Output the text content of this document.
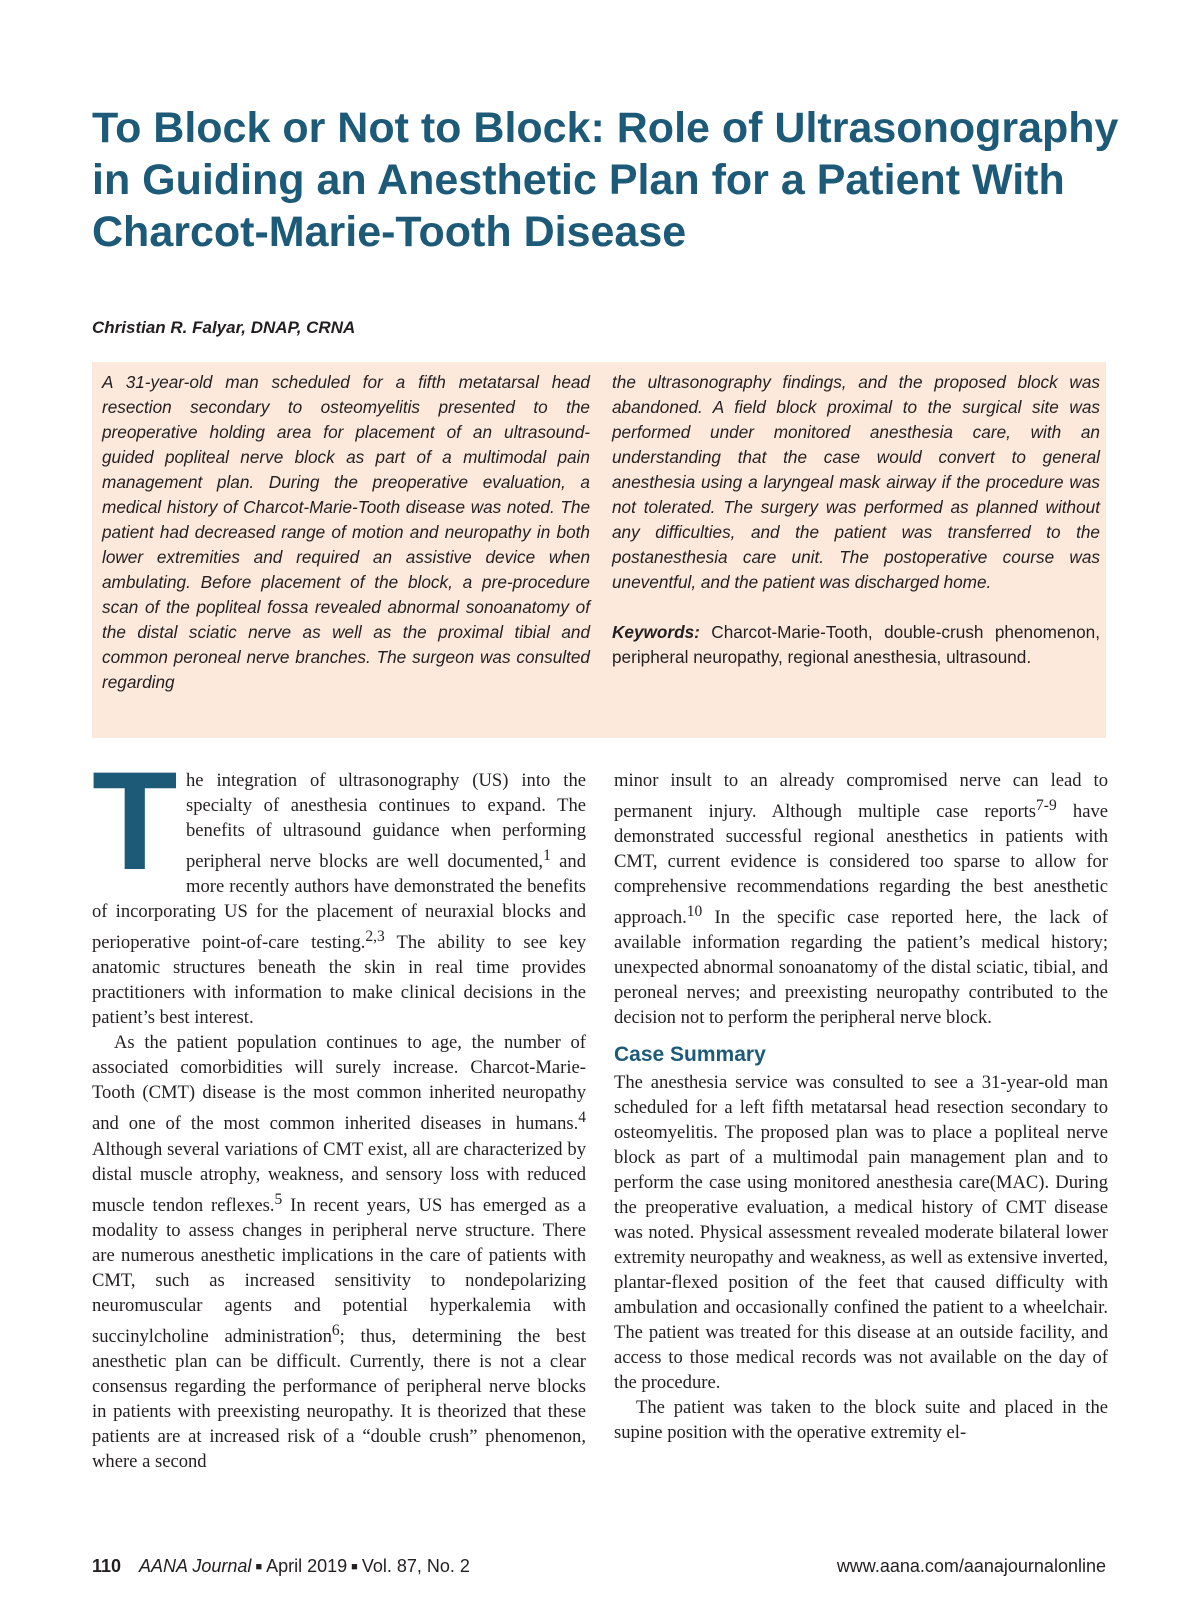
To Block or Not to Block: Role of Ultrasonography in Guiding an Anesthetic Plan for a Patient With Charcot-Marie-Tooth Disease
Christian R. Falyar, DNAP, CRNA
A 31-year-old man scheduled for a fifth metatarsal head resection secondary to osteomyelitis presented to the preoperative holding area for placement of an ultrasound-guided popliteal nerve block as part of a multimodal pain management plan. During the preoperative evaluation, a medical history of Charcot-Marie-Tooth disease was noted. The patient had decreased range of motion and neuropathy in both lower extremities and required an assistive device when ambulating. Before placement of the block, a pre-procedure scan of the popliteal fossa revealed abnormal sonoanatomy of the distal sciatic nerve as well as the proximal tibial and common peroneal nerve branches. The surgeon was consulted regarding
the ultrasonography findings, and the proposed block was abandoned. A field block proximal to the surgical site was performed under monitored anesthesia care, with an understanding that the case would convert to general anesthesia using a laryngeal mask airway if the procedure was not tolerated. The surgery was performed as planned without any difficulties, and the patient was transferred to the postanesthesia care unit. The postoperative course was uneventful, and the patient was discharged home.
Keywords: Charcot-Marie-Tooth, double-crush phenomenon, peripheral neuropathy, regional anesthesia, ultrasound.

The integration of ultrasonography (US) into the specialty of anesthesia continues to expand. The benefits of ultrasound guidance when performing peripheral nerve blocks are well documented,$^1$ and more recently authors have demonstrated the benefits of incorporating US for the placement of neuraxial blocks and perioperative point-of-care testing.$^{2,3}$ The ability to see key anatomic structures beneath the skin in real time provides practitioners with information to make clinical decisions in the patient’s best interest.

As the patient population continues to age, the number of associated comorbidities will surely increase. Charcot-Marie-Tooth (CMT) disease is the most common inherited neuropathy and one of the most common inherited diseases in humans.$^4$ Although several variations of CMT exist, all are characterized by distal muscle atrophy, weakness, and sensory loss with reduced muscle tendon reflexes.$^5$ In recent years, US has emerged as a modality to assess changes in peripheral nerve structure. There are numerous anesthetic implications in the care of patients with CMT, such as increased sensitivity to nondepolarizing neuromuscular agents and potential hyperkalemia with succinylcholine administration$^6$; thus, determining the best anesthetic plan can be difficult. Currently, there is not a clear consensus regarding the performance of peripheral nerve blocks in patients with preexisting neuropathy. It is theorized that these patients are at increased risk of a “double crush” phenomenon, where a second

minor insult to an already compromised nerve can lead to permanent injury. Although multiple case reports$^{7-9}$ have demonstrated successful regional anesthetics in patients with CMT, current evidence is considered too sparse to allow for comprehensive recommendations regarding the best anesthetic approach.$^{10}$ In the specific case reported here, the lack of available information regarding the patient’s medical history; unexpected abnormal sonoanatomy of the distal sciatic, tibial, and peroneal nerves; and preexisting neuropathy contributed to the decision not to perform the peripheral nerve block.

Case Summary

The anesthesia service was consulted to see a 31-year-old man scheduled for a left fifth metatarsal head resection secondary to osteomyelitis. The proposed plan was to place a popliteal nerve block as part of a multimodal pain management plan and to perform the case using monitored anesthesia care(MAC). During the preoperative evaluation, a medical history of CMT disease was noted. Physical assessment revealed moderate bilateral lower extremity neuropathy and weakness, as well as extensive inverted, plantar-flexed position of the feet that caused difficulty with ambulation and occasionally confined the patient to a wheelchair. The patient was treated for this disease at an outside facility, and access to those medical records was not available on the day of the procedure.

The patient was taken to the block suite and placed in the supine position with the operative extremity el-

110 AANA Journal ■ April 2019 ■ Vol. 87, No. 2	www.aana.com/aanajournalonline
